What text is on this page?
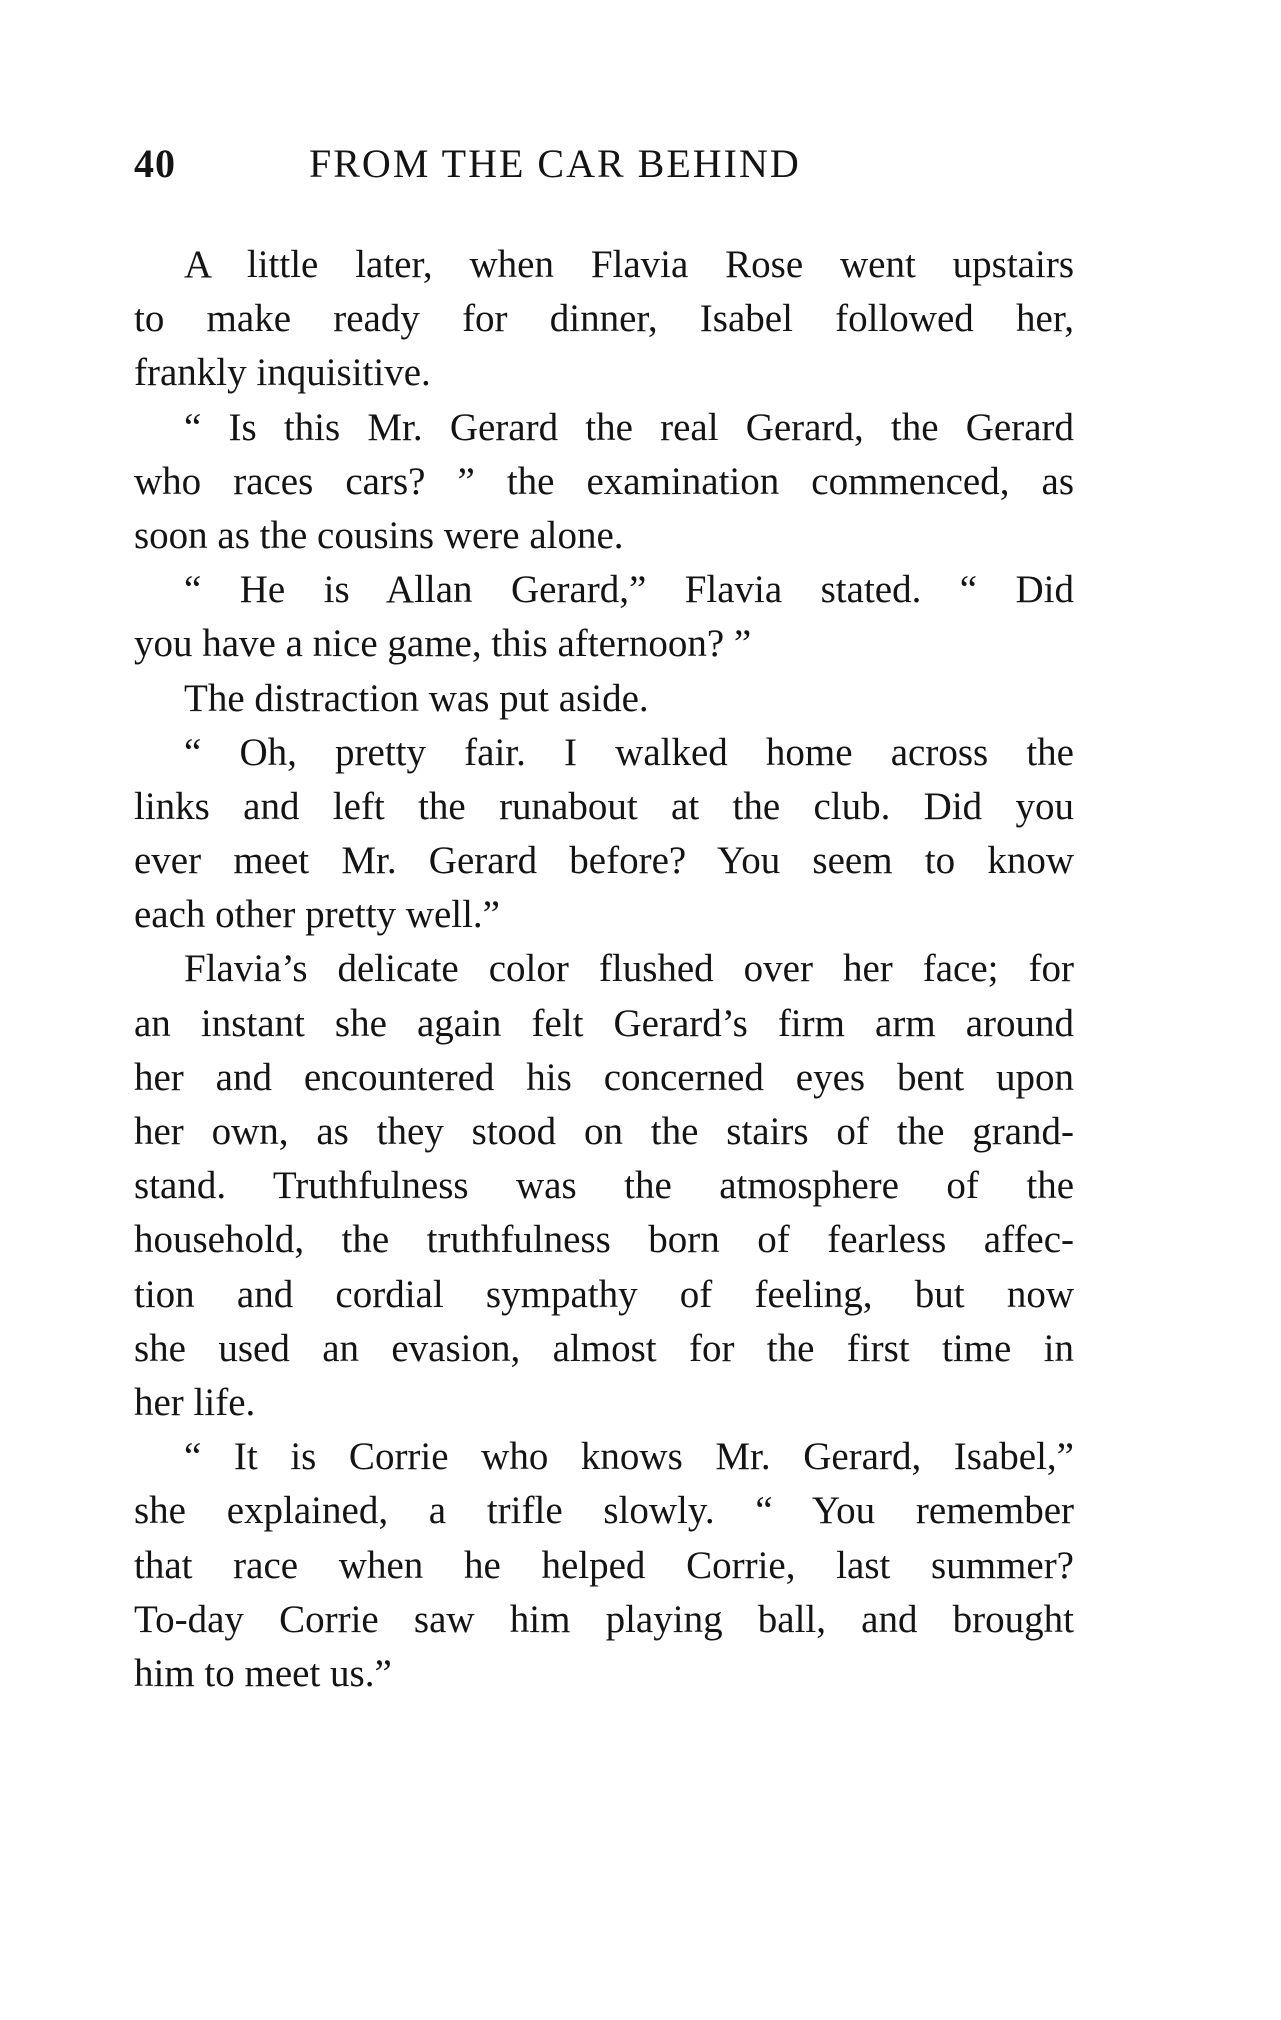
40	FROM THE CAR BEHIND
A little later, when Flavia Rose went upstairs
to make ready for dinner, Isabel followed her,
frankly inquisitive.
“ Is this Mr. Gerard the real Gerard, the Gerard
who races cars? ” the examination commenced, as
soon as the cousins were alone.
“ He is Allan Gerard,” Flavia stated. “ Did
you have a nice game, this afternoon? ”
The distraction was put aside.
“ Oh, pretty fair. I walked home across the
links and left the runabout at the club. Did you
ever meet Mr. Gerard before? You seem to know
each other pretty well.”
Flavia’s delicate color flushed over her face; for
an instant she again felt Gerard’s firm arm around
her and encountered his concerned eyes bent upon
her own, as they stood on the stairs of the grand-
stand. Truthfulness was the atmosphere of the
household, the truthfulness born of fearless affec-
tion and cordial sympathy of feeling, but now
she used an evasion, almost for the first time in
her life.
“ It is Corrie who knows Mr. Gerard, Isabel,”
she explained, a trifle slowly. “ You remember
that race when he helped Corrie, last summer?
To-day Corrie saw him playing ball, and brought
him to meet us.”
